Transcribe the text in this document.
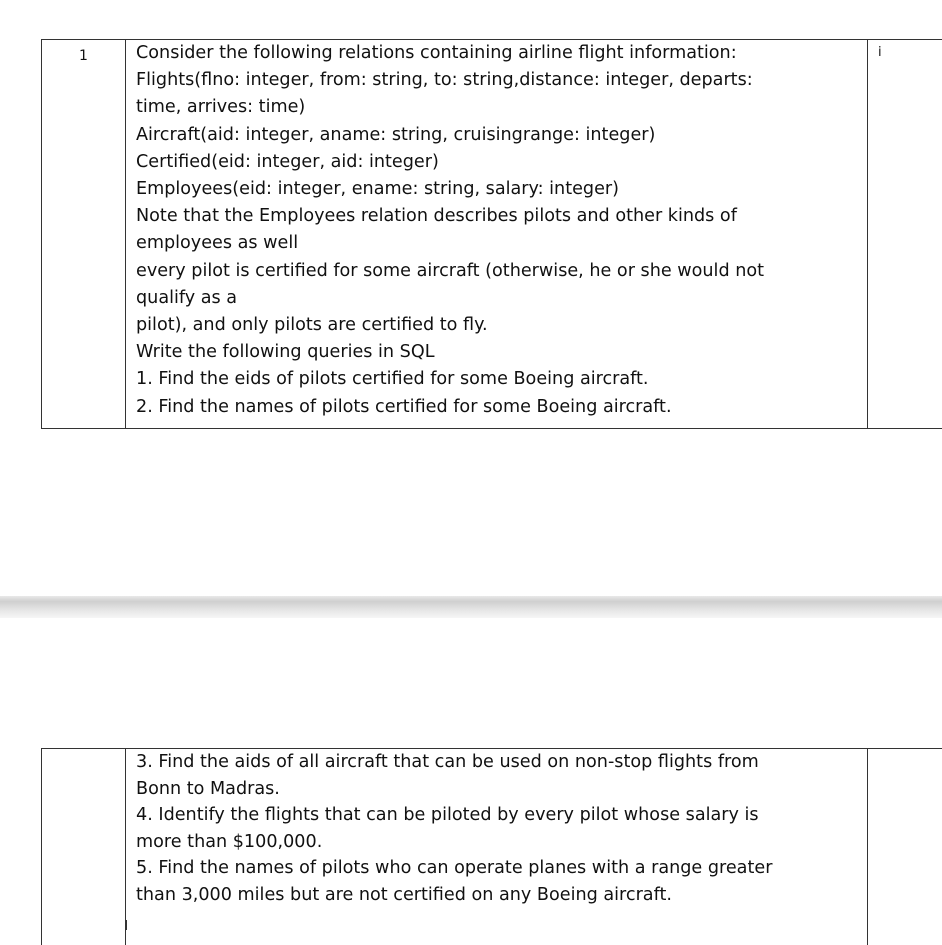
1	Consider the following relations containing airline flight information:
Flights(flno: integer, from: string, to: string,distance: integer, departs:
time, arrives: time)
Aircraft(aid: integer, aname: string, cruisingrange: integer)
Certified(eid: integer, aid: integer)
Employees(eid: integer, ename: string, salary: integer)
Note that the Employees relation describes pilots and other kinds of
employees as well
every pilot is certified for some aircraft (otherwise, he or she would not
qualify as a
pilot), and only pilots are certified to fly.
Write the following queries in SQL
1. Find the eids of pilots certified for some Boeing aircraft.
2. Find the names of pilots certified for some Boeing aircraft.
	i

3. Find the aids of all aircraft that can be used on non-stop flights from
Bonn to Madras.
4. Identify the flights that can be piloted by every pilot whose salary is
more than $100,000.
5. Find the names of pilots who can operate planes with a range greater
than 3,000 miles but are not certified on any Boeing aircraft.
